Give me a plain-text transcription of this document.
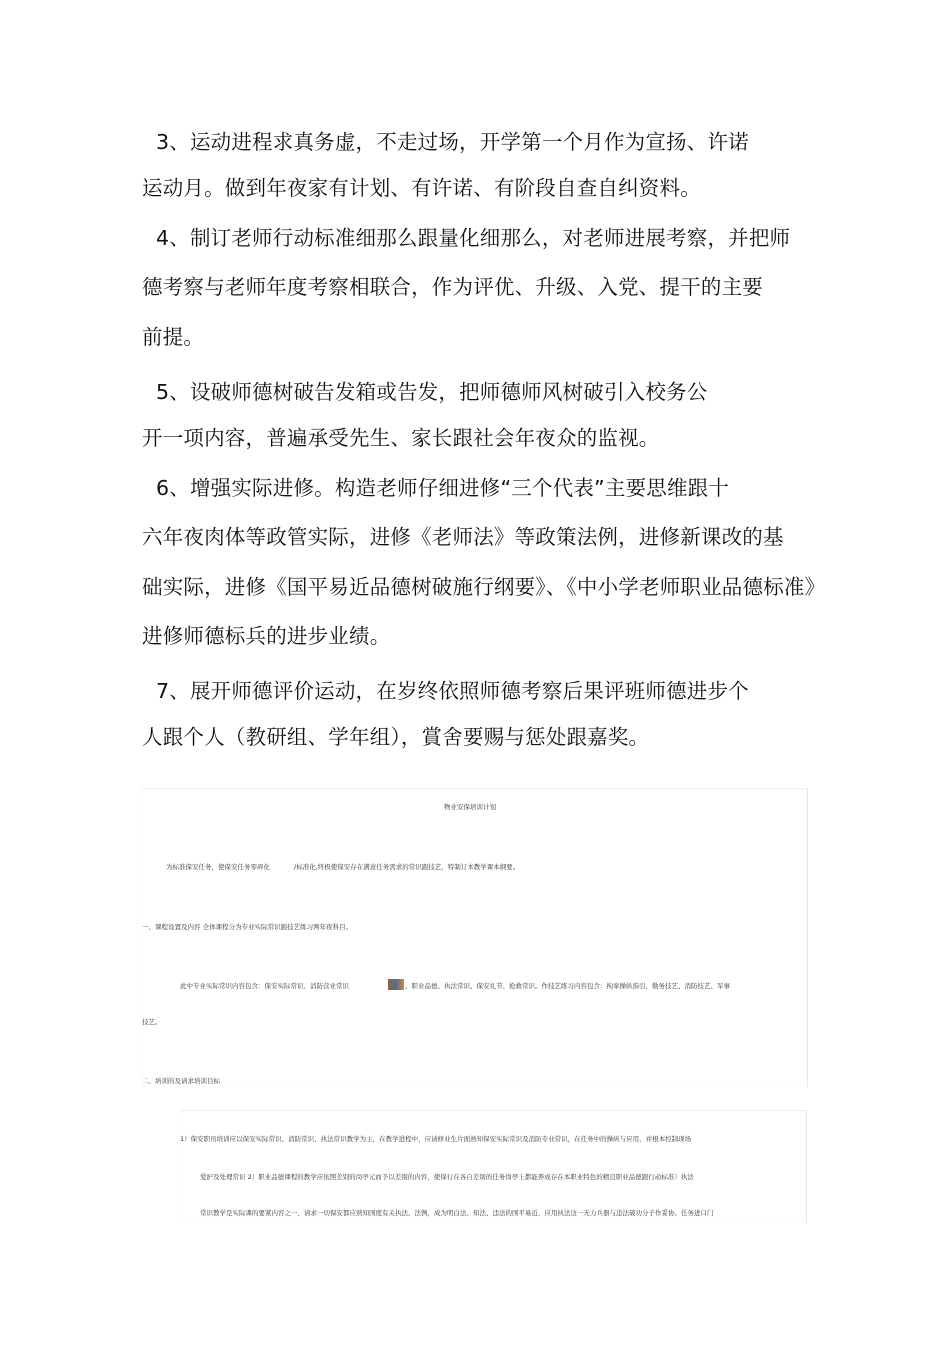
3、运动进程求真务虚，不走过场，开学第一个月作为宣扬、许诺
运动月。做到年夜家有计划、有许诺、有阶段自查自纠资料。
4、制订老师行动标准细那么跟量化细那么，对老师进展考察，并把师
德考察与老师年度考察相联合，作为评优、升级、入党、提干的主要
前提。
5、设破师德树破告发箱或告发，把师德师风树破引入校务公
开一项内容，普遍承受先生、家长跟社会年夜众的监视。
6、增强实际进修。构造老师仔细进修“三个代表”主要思维跟十
六年夜肉体等政管实际，进修《老师法》等政策法例，进修新课改的基
础实际，进修《国平易近品德树破施行纲要》、《中小学老师职业品德标准》
进修师德标兵的进步业绩。
7、展开师德评价运动，在岁终依照师德考察后果评班师德进步个
人跟个人（教研组、学年组），賞舍要赐与惩处跟嘉奖。
物业安保培训计划
为标准保安任务，使保安任务零碎化	/标准化,终极使保安存在满意任务需求的常识跟技艺，特制订本教学课本纲要。
一、课程设置及内容 全体课程分为专业实际常识跟技艺练习两年夜科目。
此中专业实际常识内容包含：保安实际常识、消防营业常识	、职业品德、执法常识、保安礼节、抢救常识。作技艺练习内容包含：拘挛操纵指引、勤务技艺、消防技艺、军事
技艺。
二、培训的及请求培训目标
1）保安职员培训应以保安实际常识、消防常识、执法常识教学为主，在教学进程中，应请修业生片面熟知保安实际常识及消防专业常识，在任务中的操纵与应用，并根本控制现场
爱护及处理常识 2）职业品德课程的教学应依照差别的岗亭元而予以差别的内容，使保行在各自差别的任务岗亭上都能养成存在本职业特色的精良职业品德跟行动标准）执法
常识教学是实际课的要紧内容之一，请求一切保安都应熟知国度有关执法、法例，成为明白法、知法、违法的国平易近，应用执法这一无力兵器与违法破功分子作妥协。任务进口门
